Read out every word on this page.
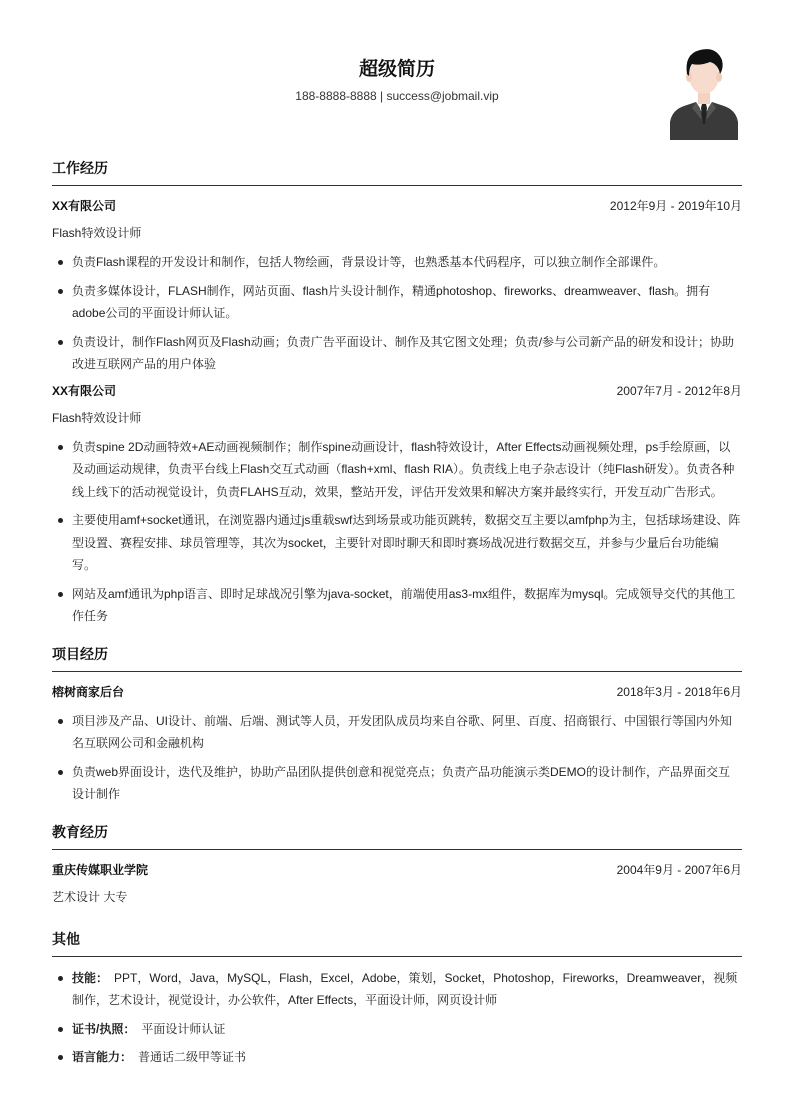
超级简历
188-8888-8888 | success@jobmail.vip
工作经历
XX有限公司	2012年9月 - 2019年10月
Flash特效设计师
负责Flash课程的开发设计和制作，包括人物绘画，背景设计等，也熟悉基本代码程序，可以独立制作全部课件。
负责多媒体设计，FLASH制作，网站页面、flash片头设计制作，精通photoshop、fireworks、dreamweaver、flash。拥有adobe公司的平面设计师认证。
负责设计，制作Flash网页及Flash动画；负责广告平面设计、制作及其它图文处理；负责/参与公司新产品的研发和设计；协助改进互联网产品的用户体验
XX有限公司	2007年7月 - 2012年8月
Flash特效设计师
负责spine 2D动画特效+AE动画视频制作；制作spine动画设计，flash特效设计，After Effects动画视频处理，ps手绘原画，以及动画运动规律，负责平台线上Flash交互式动画（flash+xml、flash RIA）。负责线上电子杂志设计（纯Flash研发）。负责各种线上线下的活动视觉设计，负责FLAHS互动，效果，整站开发，评估开发效果和解决方案并最终实行，开发互动广告形式。
主要使用amf+socket通讯，在浏览器内通过js重载swf达到场景或功能页跳转，数据交互主要以amfphp为主，包括球场建设、阵型设置、赛程安排、球员管理等，其次为socket，主要针对即时聊天和即时赛场战况进行数据交互，并参与少量后台功能编写。
网站及amf通讯为php语言、即时足球战况引擎为java-socket，前端使用as3-mx组件，数据库为mysql。完成领导交代的其他工作任务
项目经历
榕树商家后台	2018年3月 - 2018年6月
项目涉及产品、UI设计、前端、后端、测试等人员，开发团队成员均来自谷歌、阿里、百度、招商银行、中国银行等国内外知名互联网公司和金融机构
负责web界面设计，迭代及维护，协助产品团队提供创意和视觉亮点；负责产品功能演示类DEMO的设计制作，产品界面交互设计制作
教育经历
重庆传媒职业学院	2004年9月 - 2007年6月
艺术设计 大专
其他
技能： PPT，Word，Java，MySQL，Flash，Excel，Adobe，策划，Socket，Photoshop，Fireworks，Dreamweaver，视频制作，艺术设计，视觉设计，办公软件，After Effects，平面设计师，网页设计师
证书/执照： 平面设计师认证
语言能力： 普通话二级甲等证书
